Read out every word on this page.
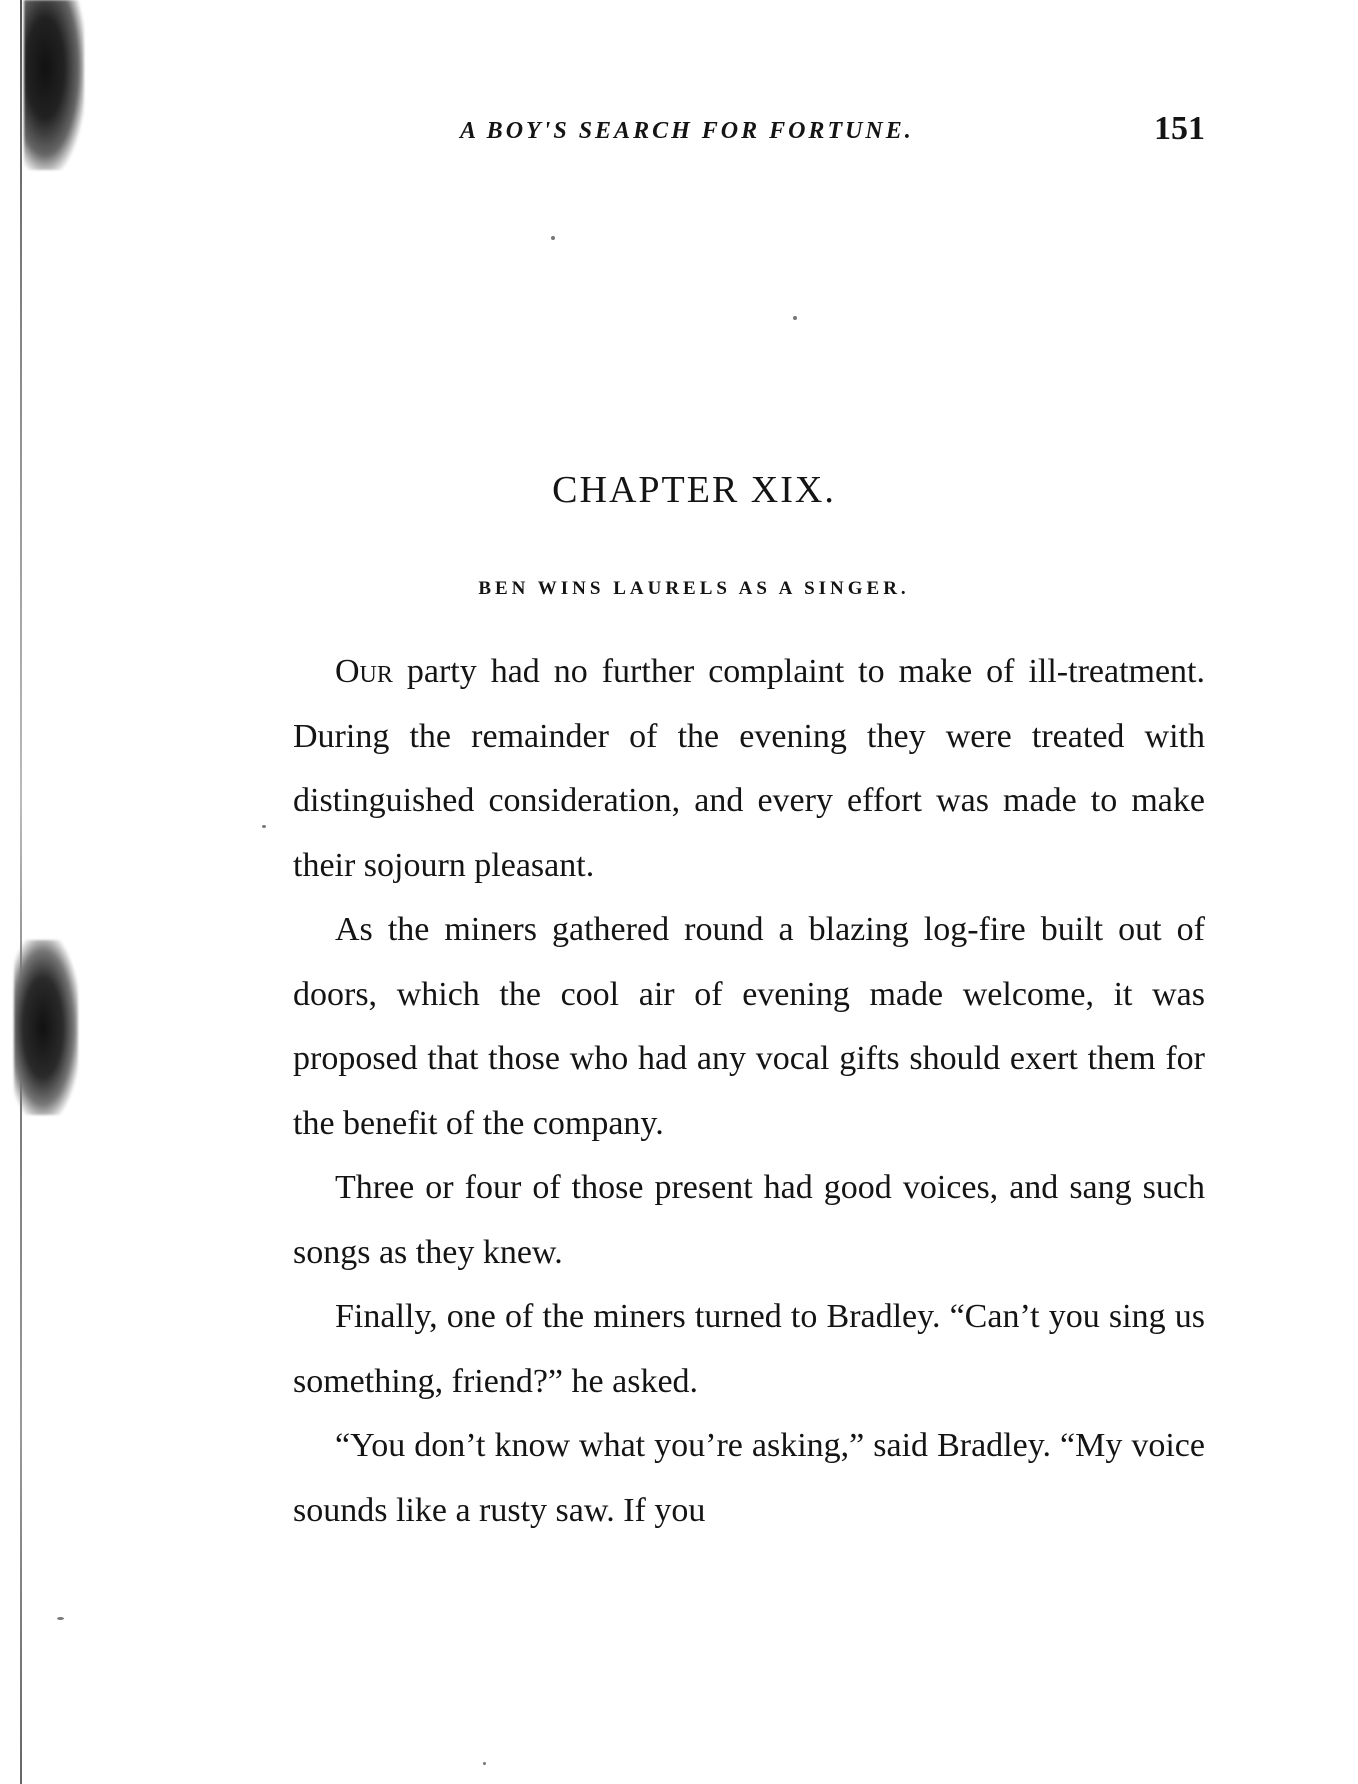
A BOY'S SEARCH FOR FORTUNE.	151
CHAPTER XIX.
BEN WINS LAURELS AS A SINGER.

Our party had no further complaint to make of ill-treatment. During the remainder of the evening they were treated with distinguished consideration, and every effort was made to make their sojourn pleasant.

As the miners gathered round a blazing log-fire built out of doors, which the cool air of evening made welcome, it was proposed that those who had any vocal gifts should exert them for the benefit of the company.

Three or four of those present had good voices, and sang such songs as they knew.

Finally, one of the miners turned to Bradley. “Can’t you sing us something, friend?” he asked.

“You don’t know what you’re asking,” said Bradley. “My voice sounds like a rusty saw. If you
